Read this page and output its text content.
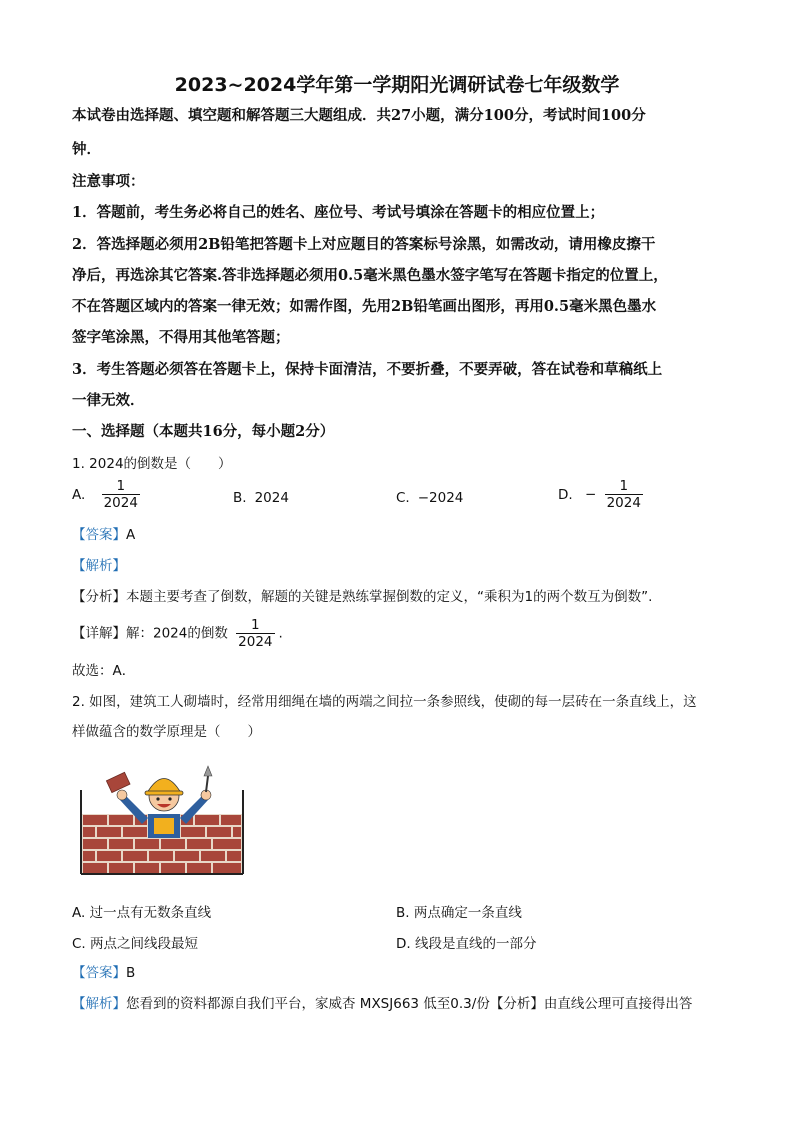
2023~2024学年第一学期阳光调研试卷七年级数学
本试卷由选择题、填空题和解答题三大题组成．共27小题，满分100分，考试时间100分
钟．
注意事项：
1．答题前，考生务必将自己的姓名、座位号、考试号填涂在答题卡的相应位置上；
2．答选择题必须用2B铅笔把答题卡上对应题目的答案标号涂黑，如需改动，请用橡皮擦干
净后，再选涂其它答案.答非选择题必须用0.5毫米黑色墨水签字笔写在答题卡指定的位置上，
不在答题区域内的答案一律无效；如需作图，先用2B铅笔画出图形，再用0.5毫米黑色墨水
签字笔涂黑，不得用其他笔答题；
3．考生答题必须答在答题卡上，保持卡面清洁，不要折叠，不要弄破，答在试卷和草稿纸上
一律无效．
一、选择题（本题共16分，每小题2分）
1. 2024的倒数是（　　）
A. $\frac{1}{2024}$	B. 2024	C. −2024	D. − $\frac{1}{2024}$
【答案】A
【解析】
【分析】本题主要考查了倒数，解题的关键是熟练掌握倒数的定义，“乘积为1的两个数互为倒数”.
【详解】解：2024的倒数 $\frac{1}{2024}$ .
故选：A．
2. 如图，建筑工人砌墙时，经常用细绳在墙的两端之间拉一条参照线，使砌的每一层砖在一条直线上，这
样做蕴含的数学原理是（　　）
A. 过一点有无数条直线	B. 两点确定一条直线
C. 两点之间线段最短	D. 线段是直线的一部分
【答案】B
【解析】您看到的资料都源自我们平台，家威杏 MXSJ663 低至0.3/份【分析】由直线公理可直接得出答
